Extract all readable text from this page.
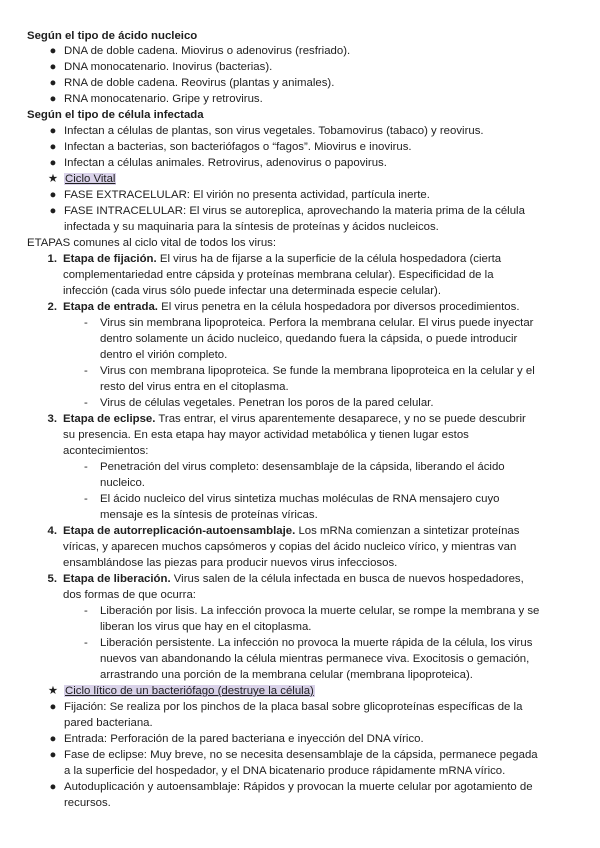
Según el tipo de ácido nucleico
● DNA de doble cadena. Miovirus o adenovirus (resfriado).
● DNA monocatenario. Inovirus (bacterias).
● RNA de doble cadena. Reovirus (plantas y animales).
● RNA monocatenario. Gripe y retrovirus.
Según el tipo de célula infectada
● Infectan a células de plantas, son virus vegetales. Tobamovirus (tabaco) y reovirus.
● Infectan a bacterias, son bacteriófagos o “fagos”. Miovirus e inovirus.
● Infectan a células animales. Retrovirus, adenovirus o papovirus.
★ Ciclo Vital
● FASE EXTRACELULAR: El virión no presenta actividad, partícula inerte.
● FASE INTRACELULAR: El virus se autoreplica, aprovechando la materia prima de la célula
infectada y su maquinaria para la síntesis de proteínas y ácidos nucleicos.
ETAPAS comunes al ciclo vital de todos los virus:
1. Etapa de fijación. El virus ha de fijarse a la superficie de la célula hospedadora (cierta
complementariedad entre cápsida y proteínas membrana celular). Especificidad de la
infección (cada virus sólo puede infectar una determinada especie celular).
2. Etapa de entrada. El virus penetra en la célula hospedadora por diversos procedimientos.
- Virus sin membrana lipoproteica. Perfora la membrana celular. El virus puede inyectar
dentro solamente un ácido nucleico, quedando fuera la cápsida, o puede introducir
dentro el virión completo.
- Virus con membrana lipoproteica. Se funde la membrana lipoproteica en la celular y el
resto del virus entra en el citoplasma.
- Virus de células vegetales. Penetran los poros de la pared celular.
3. Etapa de eclipse. Tras entrar, el virus aparentemente desaparece, y no se puede descubrir
su presencia. En esta etapa hay mayor actividad metabólica y tienen lugar estos
acontecimientos:
- Penetración del virus completo: desensamblaje de la cápsida, liberando el ácido
nucleico.
- El ácido nucleico del virus sintetiza muchas moléculas de RNA mensajero cuyo
mensaje es la síntesis de proteínas víricas.
4. Etapa de autorreplicación-autoensamblaje. Los mRNa comienzan a sintetizar proteínas
víricas, y aparecen muchos capsómeros y copias del ácido nucleico vírico, y mientras van
ensamblándose las piezas para producir nuevos virus infecciosos.
5. Etapa de liberación. Virus salen de la célula infectada en busca de nuevos hospedadores,
dos formas de que ocurra:
- Liberación por lisis. La infección provoca la muerte celular, se rompe la membrana y se
liberan los virus que hay en el citoplasma.
- Liberación persistente. La infección no provoca la muerte rápida de la célula, los virus
nuevos van abandonando la célula mientras permanece viva. Exocitosis o gemación,
arrastrando una porción de la membrana celular (membrana lipoproteica).
★ Ciclo lítico de un bacteriófago (destruye la célula)
● Fijación: Se realiza por los pinchos de la placa basal sobre glicoproteínas específicas de la
pared bacteriana.
● Entrada: Perforación de la pared bacteriana e inyección del DNA vírico.
● Fase de eclipse: Muy breve, no se necesita desensamblaje de la cápsida, permanece pegada
a la superficie del hospedador, y el DNA bicatenario produce rápidamente mRNA vírico.
● Autoduplicación y autoensamblaje: Rápidos y provocan la muerte celular por agotamiento de
recursos.
